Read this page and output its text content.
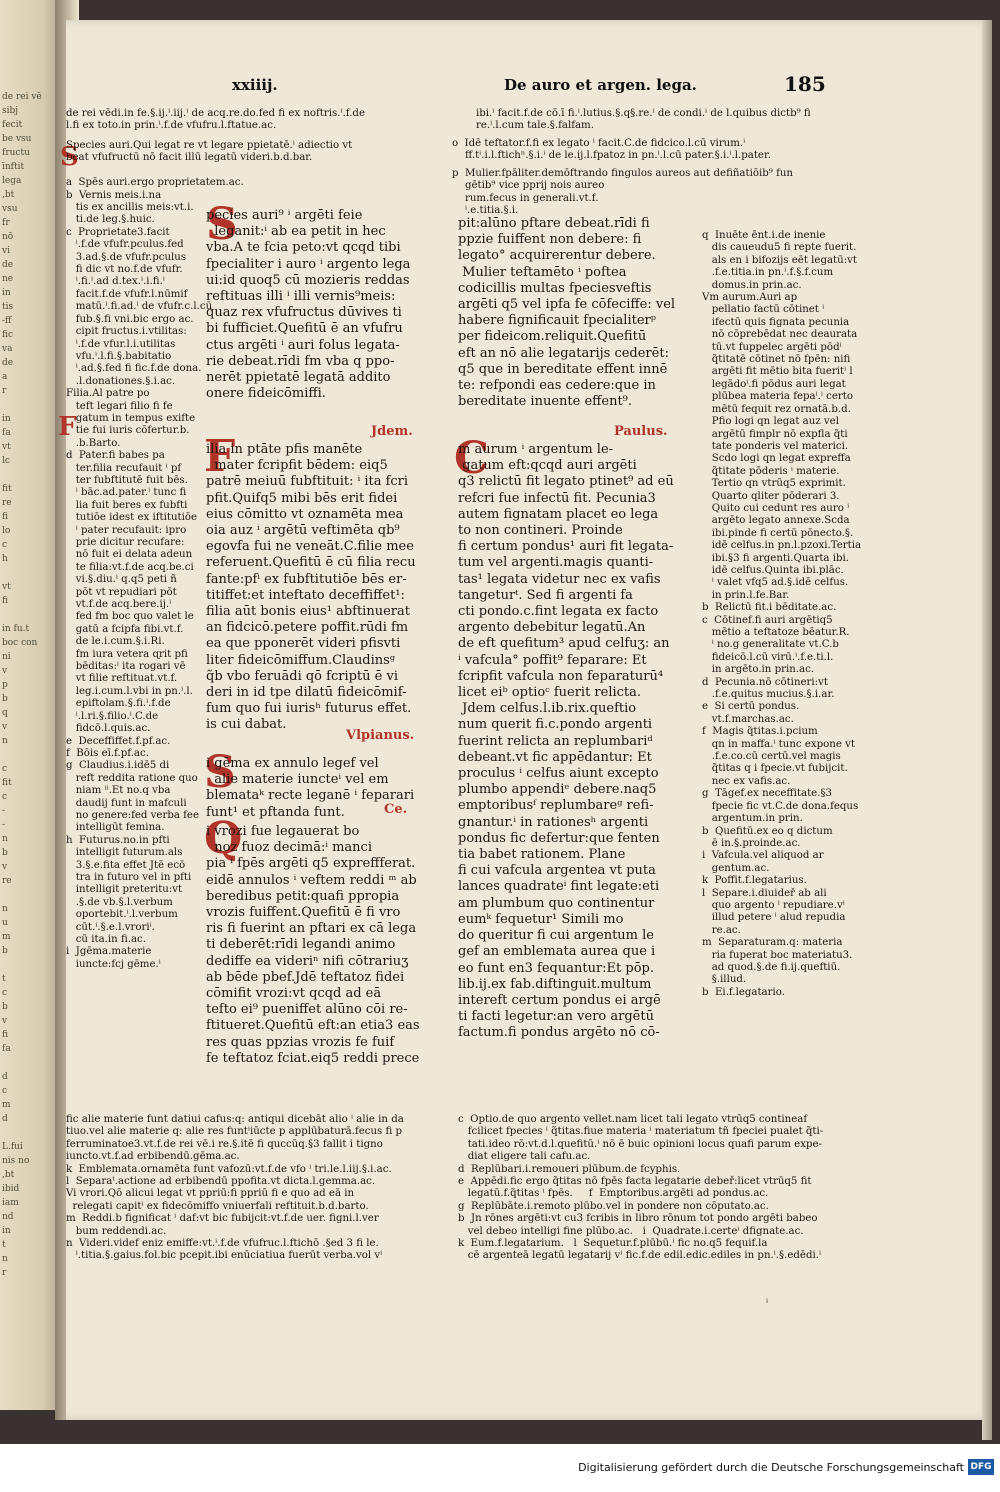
de rei vē
sibj
fecit
be vsu
fructu
īnftit
lega
,bt
vsu
fr
nō
vi
de
ne
in
tis
-ff
fic
va
de
a
r

in
fa
vt
lc

fit
re
fi
lo
c
h

vt
fi

in fu.t
boc con
ni
v
p
b
q
v
n

c
fit
c
-
-
n
b
v
re

n
u
m
b

t
c
b
v
fi
fa

d
c
m
d

L.fui
nis no
,bt
ibid
iam
nd
in
t
n
r
xxiiij.	De auro et argen. lega.	185
de rei vēdi.in fe.§.ij.ⁱ.iij.ⁱ de acq.re.do.fed fi ex noftris.ⁱ.f.de
l.fi ex toto.in prin.ⁱ.f.de vfufru.l.ftatue.ac.
ibi.ⁱ facit.f.de cō.ī fi.ⁱ.lutius.§.q§.re.ⁱ de condi.ⁱ de l.quibus dictb⁹ fi
re.ⁱ.l.cum tale.§.falfam.
o  Idē teftator.f.fi ex legato ⁱ facit.C.de fidcico.l.cū virum.ⁱ
ff.tⁱ.i.l.ftichⁿ.§.i.ⁱ de le.ij.l.fpatoz in pn.ⁱ.l.cū pater.§.i.ⁱ.l.pater.
p  Mulier.fpāliter.demōftrando fingulos aureos aut defiñatiōib⁹ fun
gētib⁹ vice pprij nois aureo
rum.fecus in generali.vt.f.
ⁱ.e.titia.§.i.
S
Species auri.Qui legat re vt legare ppietatē.ⁱ adiectio vt
beat vfufructū nō facit illū legatū videri.b.d.bar.

a  Spēs auri.ergo proprietatem.ac.
b  Vernis meis.i.na
tis ex ancillis meis:vt.i.
ti.de leg.§.huic.
c  Proprietate3.facit
ⁱ.f.de vfufr.pculus.fed
3.ad.§.de vfufr.pculus
fi dic vt no.f.de vfufr.
ⁱ.fi.ⁱ.ad d.tex.ⁱ.i.fi.ⁱ
facit.f.de vfufr.l.nūmif
matū.ⁱ.fi.ad.ⁱ de vfufr.c.l.cū
fub.§.fi vni.bic ergo ac.
cipit fructus.i.vtilitas:
ⁱ.f.de vfur.l.i.utilitas
vfu.ⁱ.l.fi.§.babitatio
ⁱ.ad.§.fed fi fic.f.de dona.
.l.donationes.§.i.ac.
Filia.Al patre po
teft legari filio fi fe
gatum in tempus exifte
tie fui iuris cōfertur.b.
.b.Barto.
d  Pater.fi babes pa
ter.filia recufauit ⁱ pf
ter fubftitutē fuit bēs.
ⁱ bāc.ad.pater.ⁱ tunc fi
lia fuit beres ex fubfti
tutiōe idest ex iftitutiōe
ⁱ pater recufauit: ipro
prie dicitur recufare:
nō fuit ei delata adeun
te filia:vt.f.de acq.be.ci
vi.§.diu.ⁱ q.q5 peti ñ
pōt vt repudiari pōt
vt.f.de acq.bere.ij.ⁱ
fed fm boc quo valet le
gatū a fcipfa fibi.vt.f.
de le.i.cum.§.i.Ri.
fm iura vetera ɋrit pfi
bēditas:ⁱ ita rogari vē
vt filie reftituat.vt.f.
leg.i.cum.l.vbi in pn.ⁱ.l.
epiftolam.§.fi.ⁱ.f.de
ⁱ.l.ri.§.filio.ⁱ.C.de
fidcō.l.quis.ac.
e  Deceffiffet.f.pf.ac.
f  Bōis eī.f.pf.ac.
g  Claudius.i.idē5 di
reft reddita ratione quo
niam ⁱⁱ.Et no.q vba
daudij funt in mafculi
no genere:fed verba fee
intelligūt femina.
h  Futurus.no.in pfti
intelligit futurum.als
3.§.e.fita effet Jtē ecō
tra in futuro vel in pfti
intelligit preteritu:vt
.§.de vb.§.l.verbum
oportebit.ⁱ.l.verbum
cūt.ⁱ.§.e.l.vroriⁱ.
cū ita.in fi.ac.
i  Jgēma.materie
iuncte:fcj gēme.ⁱ
F
S
pecies auri⁹ ⁱ argēti feie
leganit:ⁱ ab ea petit in hec
vba.A te fcia peto:vt qcqd tibi
fpecialiter i auro ⁱ argento lega
ui:id quoq5 cū mozieris reddas
reftituas illi ⁱ illi vernis⁹meis:
quaz rex vfufructus dūvives ti
bi fufficiet.Quefitū ē an vfufru
ctus argēti ⁱ auri folus legata-
rie debeat.rīdi fm vba q ppo-
nerēt ppietatē legatā addito
onere fideicōmiffi.
Jdem.
F
ilia in ptāte pfis manēte
mater fcripfit bēdem: eiq5
patrē meiuū fubftituit: ⁱ ita fcri
pfit.Quifq5 mibi bēs erit fidei
eius cōmitto vt oznamēta mea
oia auz ⁱ argētū veftimēta qb⁹
egovfa fui ne veneāt.C.filie mee
referuent.Quefitū ē cū filia recu
fante:pfⁱ ex fubftitutiōe bēs er-
titiffet:et inteftato deceffiffet¹:
filia aūt bonis eius¹ abftinuerat
an fidcicō.petere poffit.rūdi fm
ea que pponerēt videri pfisvti
liter fideicōmiffum.Claudinsᵍ
q̃b vbo feruādi qō fcriptū ē vi
deri in id tpe dilatū fideicōmif-
fum quo fui iurisʰ futurus effet.
is cui dabat.
Vlpianus.
S
i gēma ex annulo legef vel
alie materie iuncteⁱ vel em
blemataᵏ recte leganē ⁱ feparari
funt¹ et pftanda funt.	Ce.
Q
i vrozi fue legauerat bo
noz fuoz decimā:ⁱ manci
pia ⁱ fpēs argēti q5 expreffferat.
eidē annulos ⁱ veftem reddi ᵐ ab
beredibus petit:quafi ppropia
vrozis fuiffent.Quefitū ē fi vro
ris fi fuerint an pftari ex cā lega
ti deberēt:rīdi legandi animo
dediffe ea videriⁿ nifi cōtrariuʒ
ab bēde pbef.Jdē teftatoz fidei
cōmifit vrozi:vt qcqd ad eā
tefto ei⁹ pueniffet alūno cōi re-
ftitueret.Quefitū eft:an etia3 eas
res quas ppzias vrozis fe fuif
fe teftatoz fciat.eiq5 reddi prece
pit:alūno pftare debeat.rīdi fi
ppzie fuiffent non debere: fi
legato° acquirerentur debere.
Mulier teftamēto ⁱ poftea
codicillis multas fpeciesveftis
argēti q5 vel ipfa fe cōfeciffe: vel
habere fignificauit fpecialiterᵖ
per fideicom.reliquit.Quefitū
eft an nō alie legatarijs cederēt:
q5 que in bereditate effent innē
te: refpondi eas cedere:que in
bereditate inuente effent⁹.
Paulus.
C
m aurum ⁱ argentum le-
gatum eft:qcqd auri argēti
q3 relictū fit legato ptinet⁹ ad eū
refcri fue infectū fit. Pecunia3
autem fignatam placet eo lega
to non contineri. Proinde
fi certum pondus¹ auri fit legata-
tum vel argenti.magis quanti-
tas¹ legata videtur nec ex vafis
tangeturᵗ. Sed fi argenti fa
cti pondo.c.fint legata ex facto
argento debebitur legatū.An
de eft quefitum³ apud celfuʒ: an
ⁱ vafcula° poffit⁹ feparare: Et
fcripfit vafcula non feparaturū⁴
licet eiᵇ optioᶜ fuerit relicta.
Jdem celfus.l.ib.rix.queftio
num querit fi.c.pondo argenti
fuerint relicta an replumbariᵈ
debeant.vt fic appēdantur: Et
proculus ⁱ celfus aiunt excepto
plumbo appendiᵉ debere.naq5
emptoribusᶠ replumbareᵍ refi-
gnantur.ⁱ in rationesʰ argenti
pondus fic defertur:que fenten
tia babet rationem. Plane
fi cui vafcula argentea vt puta
lances quadrateⁱ fint legate:eti
am plumbum quo continentur
eumᵏ fequetur¹ Simili mo
do queritur fi cui argentum le
gef an emblemata aurea que i
eo funt en3 fequantur:Et pōp.
lib.ij.ex fab.diftinguit.multum
intereft certum pondus ei argē
ti facti legetur:an vero argētū
factum.fi pondus argēto nō cō-
q  Inuēte ēnt.i.de inenie
dis caueudu5 fi repte fuerit.
als en i bifozijs eēt legatū:vt
.f.e.titia.in pn.ⁱ.f.§.f.cum
domus.in prin.ac.
Vm aurum.Auri ap
pellatio factū cōtinet ⁱ
ifectū ɋuis fignata pecunia
nō cōprebēdat nec deaurata
tū.vt fuppelec argēti pōdⁱ
q̃titatē cōtinet nō fpēn: nifi
argēti fit mētio bita fueritⁱ l
legādoⁱ.fi pōdus auri legat
plūbea materia fepaⁱ.ⁱ certo
mētū fequit rez ornatā.b.d.
Pfio logi qn legat auz vel
argētū fimplr nō expfla q̃ti
tate ponderis vel materici.
Scdo logi qn legat expreffa
q̃titate pōderis ⁱ materie.
Tertio qn vtrūq5 exprimit.
Quarto qliter pōderari 3.
Quito cui cedunt res auro ⁱ
argēto legato annexe.Scda
ibi.pinde fi certū pōnecto.§.
idē celfus.in pn.l.pzoxi.Tertia
ibi.§3 fi argenti.Quarta ibi.
idē celfus.Quinta ibi.plāc.
ⁱ valet vfq5 ad.§.idē celfus.
in prin.l.fe.Bar.
b  Relictū fit.i bēditate.ac.
c  Cōtinef.fi auri argētiq5
mētio a teftatoze bēatur.R.
ⁱ no.g generalitate vt.C.b
fideicō.l.cū virū.ⁱ.f.e.ti.l.
in argēto.in prin.ac.
d  Pecunia.nō cōtineri:vt
.f.e.quitus mucius.§.i.ar.
e  Si certū pondus.
vt.f.marchas.ac.
f  Magis q̃titas.i.pcium
qn in maffa.ⁱ tunc expone vt
.f.e.co.cū certū.vel magis
q̃titas q i fpecie.vt fubijcit.
nec ex vafis.ac.
g  Tāgef.ex neceffitate.§3
fpecie fic vt.C.de dona.fequs
argentum.in prin.
b  Quefitū.ex eo q dictum
ē in.§.proinde.ac.
i  Vafcula.vel aliquod ar
gentum.ac.
k  Poffit.f.legatarius.
l  Separe.i.diuideř ab ali
quo argento ⁱ repudiare.vⁱ
illud petere ⁱ alud repudia
re.ac.
m  Separaturam.q: materia
ria fuperat boc materiatu3.
ad quod.§.de fi.ij.queftiū.
§.illud.
b  Ei.f.legatario.
fic alie materie funt datiui cafus:q: antiqui dicebāt alio ⁱ alie in da
tiuo.vel alie materie q: alie res funtⁱiūcte p applūbaturā.fecus fi p
ferruminatoe3.vt.f.de rei vē.i re.§.itē fi quccūq.§3 fallit i tigno
iuncto.vt.f.ad erbibendū.gēma.ac.
k  Emblemata.ornamēta funt vafozū:vt.f.de vfo ⁱ tri.le.l.iij.§.i.ac.
l  Separaᵗ.actione ad erbibendū ppofita.vt dicta.l.gemma.ac.
Vi vrori.Qō alicui legat vt ppriū:fi ppriū fi e quo ad eā in
relegati capitⁱ ex fidecōmiffo vniuerfali reftituit.b.d.barto.
m  Reddi.b fignificat ⁱ daf:vt bic fubijcit:vt.f.de uer. figni.l.ver
bum reddendi.ac.
n  Videri.videf eniz emiffe:vt.ⁱ.f.de vfufruc.l.ftichō .§ed 3 fi le.
ⁱ.titia.§.gaius.fol.bic pcepit.ibi enūciatiua fuerūt verba.vol vⁱ
c  Optio.de quo argento vellet.nam licet tali legato vtrūq5 contineaf
fcilicet fpecies ⁱ q̃titas.fiue materia ⁱ materiatum tñ fpeciei pualet q̃ti-
tati.ideo rō:vt.d.l.quefitū.ⁱ nō ē buic opinioni locus quafi parum expe-
diat eligere tali cafu.ac.
d  Replūbari.i.remoueri plūbum.de fcyphis.
e  Appēdi.fic ergo q̃titas nō fpēs facta legatarie debeř:licet vtrūq5 fit
legatū.f.q̃titas ⁱ fpēs.     f  Emptoribus.argēti ad pondus.ac.
g  Replūbāte.i.remoto plūbo.vel in pondere non cōputato.ac.
b  Jn rōnes argēti:vt cu3 fcribis in libro rōnum tot pondo argēti babeo
vel debeo intelligi fine plūbo.ac.   i  Quadrate.i.certeⁱ dfignate.ac.
k  Eum.f.legatarium.   l  Sequetur.f.plūbū.ⁱ fic no.q5 fequif.la
cē argenteā legatū legatarij vⁱ fic.f.de edil.edic.ediles in pn.ⁱ.§.edēdi.ⁱ
ⁱ
Digitalisierung gefördert durch die Deutsche Forschungsgemeinschaft DFG
